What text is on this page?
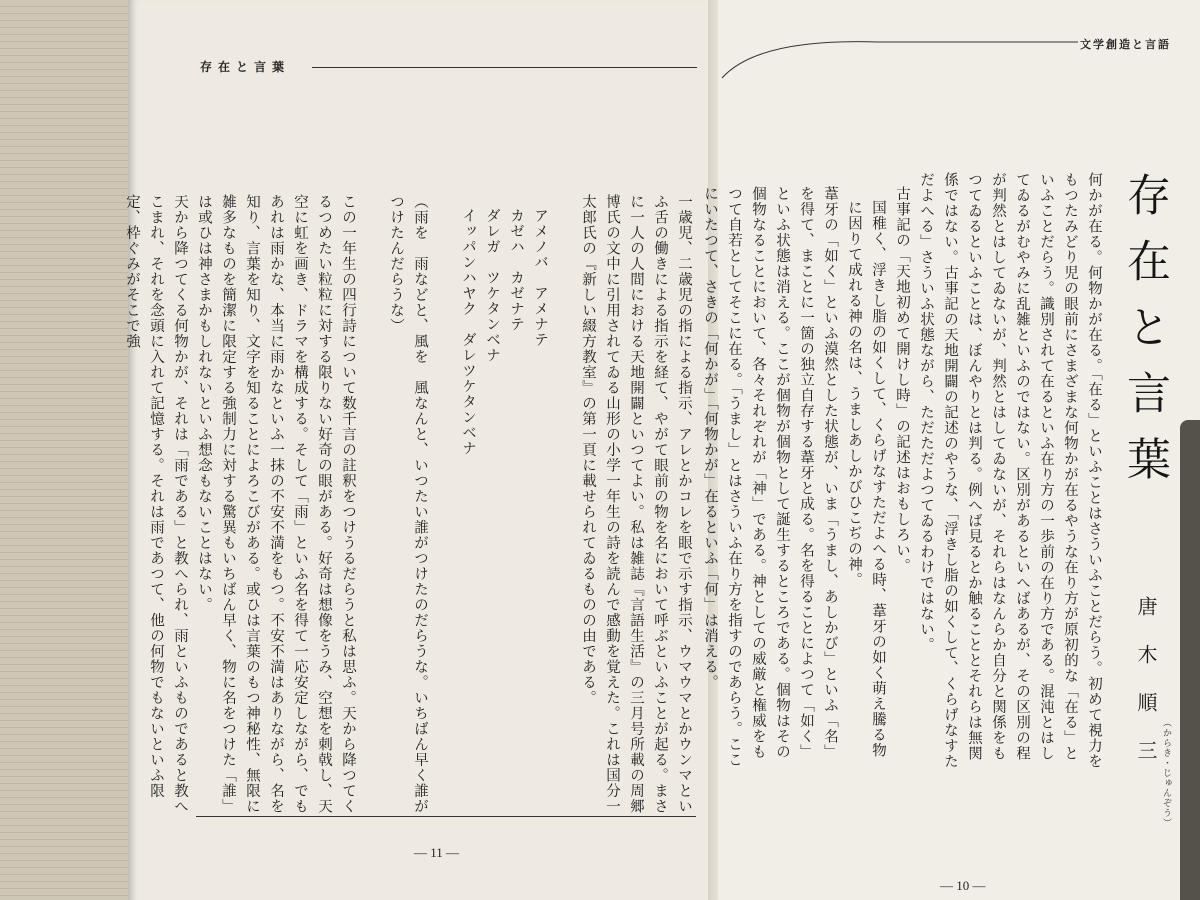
存在と言葉
文学創造と言語
存在と言葉
唐木順三 （からき・じゅんぞう）

何かが在る。何物かが在る。「在る」といふことはさういふことだらう。初めて視力をもつたみどり児の眼前にさまざまな何物かが在るやうな在り方が原初的な「在る」といふことだらう。識別されて在るといふ在り方の一歩前の在り方である。混沌とはしてゐるがむやみに乱雑といふのではない。区別があるといへばあるが、その区別の程が判然とはしてゐないが、判然とはしてゐないが、それらはなんらか自分と関係をもつてゐるといふことは、ぼんやりとは判る。例へば見るとか触ることとそれらは無関係ではない。古事記の天地開闢の記述のやうな、「浮きし脂の如くして、くらげなすただよへる」さういふ状態ながら、ただただよつてゐるわけではない。

古事記の「天地初めて開けし時」の記述はおもしろい。

国稚く、浮きし脂の如くして、くらげなすただよへる時、葦牙の如く萌え騰る物に因りて成れる神の名は、うましあしかびひこぢの神。

葦牙の「如く」といふ漠然とした状態が、いま「うまし、あしかび」といふ「名」を得て、まことに一箇の独立自存する葦牙と成る。名を得ることによつて「如く」といふ状態は消える。ここが個物が個物として誕生するところである。個物はその個物なることにおいて、各々それぞれが「神」である。神としての威厳と権威をもつて自若としてそこに在る。「うまし」とはさういふ在り方を指すのであらう。ここにいたつて、さきの「何かが」「何物かが」在るといふ「何」は消える。

一歳児、二歳児の指による指示、アレとかコレを眼で示す指示、ウマウマとかウンマといふ舌の働きによる指示を経て、やがて眼前の物を名において呼ぶといふことが起る。まさに一人の人間における天地開闢といつてよい。私は雑誌『言語生活』の三月号所載の周郷博氏の文中に引用されてゐる山形の小学一年生の詩を読んで感動を覚えた。これは国分一太郎氏の『新しい綴方教室』の第一頁に載せられてゐるものの由である。

アメノバ　アメナテ

カゼハ　カゼナテ

ダレガ　ツケタンベナ

イッパンハヤク　ダレツケタンベナ

（雨を　雨などと、風を　風なんと、いつたい誰がつけたのだらうな。いちばん早く誰がつけたんだらうな）

この一年生の四行詩について数千言の註釈をつけうるだらうと私は思ふ。天から降つてくるつめたい粒粒に対する限りない好奇の眼がある。好奇は想像をうみ、空想を刺戟し、天空に虹を画き、ドラマを構成する。そして「雨」といふ名を得て一応安定しながら、でもあれは雨かな、本当に雨かなといふ一抹の不安不満をもつ。不安不満はありながら、名を知り、言葉を知り、文字を知ることによろこびがある。或ひは言葉のもつ神秘性、無限に雑多なものを簡潔に限定する強制力に対する驚異もいちばん早く、物に名をつけた「誰」は或ひは神さまかもしれないといふ想念もないことはない。

天から降つてくる何物かが、それは「雨である」と教へられ、雨といふものであると教へこまれ、それを念頭に入れて記憶する。それは雨であつて、他の何物でもないといふ限定、枠ぐみがそこで強

― 11 ―
― 10 ―
